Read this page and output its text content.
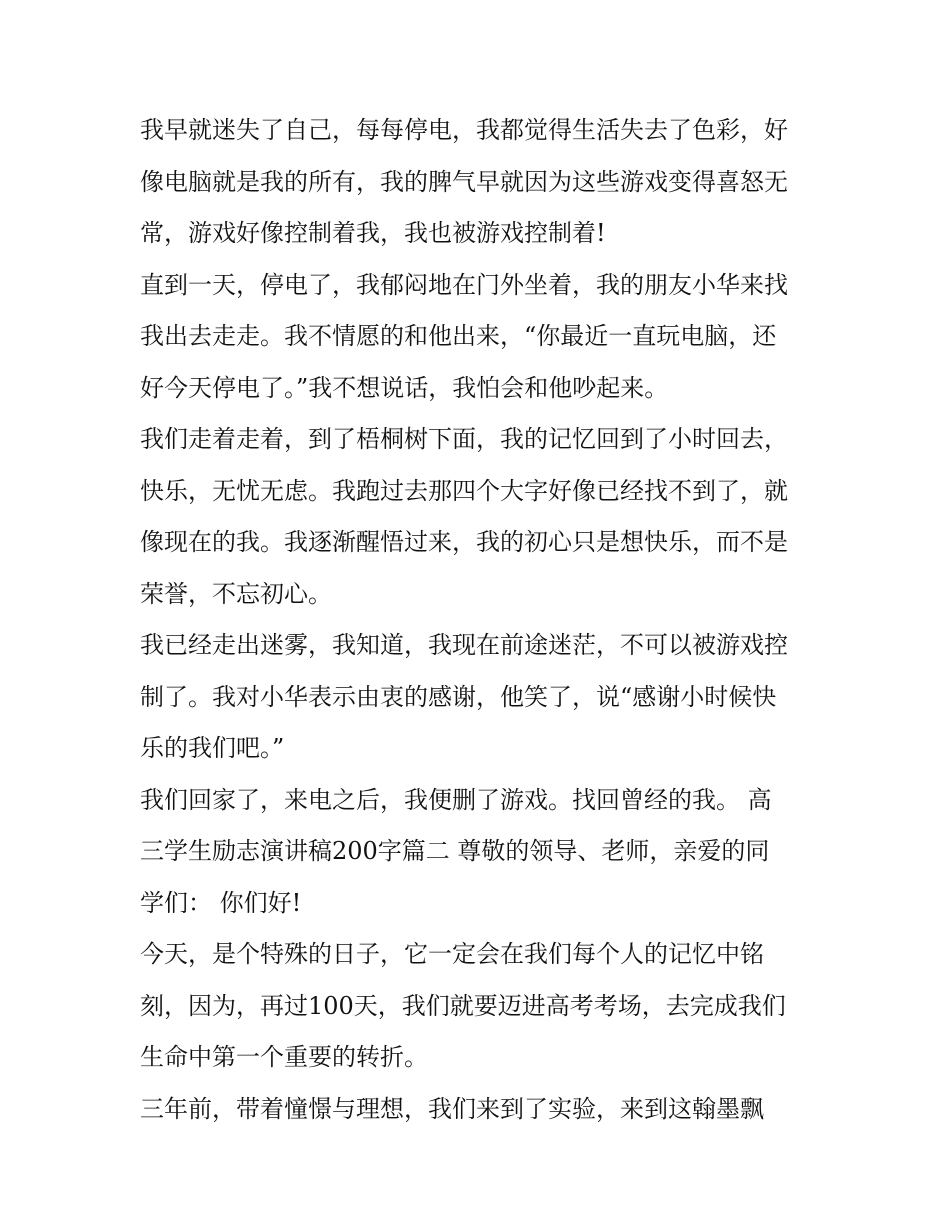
我早就迷失了自己，每每停电，我都觉得生活失去了色彩，好
像电脑就是我的所有，我的脾气早就因为这些游戏变得喜怒无
常，游戏好像控制着我，我也被游戏控制着!
直到一天，停电了，我郁闷地在门外坐着，我的朋友小华来找
我出去走走。我不情愿的和他出来，“你最近一直玩电脑，还
好今天停电了。”我不想说话，我怕会和他吵起来。
我们走着走着，到了梧桐树下面，我的记忆回到了小时回去，
快乐，无忧无虑。我跑过去那四个大字好像已经找不到了，就
像现在的我。我逐渐醒悟过来，我的初心只是想快乐，而不是
荣誉，不忘初心。
我已经走出迷雾，我知道，我现在前途迷茫，不可以被游戏控
制了。我对小华表示由衷的感谢，他笑了，说“感谢小时候快
乐的我们吧。”
我们回家了，来电之后，我便删了游戏。找回曾经的我。 高
三学生励志演讲稿200字篇二 尊敬的领导、老师，亲爱的同
学们： 你们好!
今天，是个特殊的日子，它一定会在我们每个人的记忆中铭
刻，因为，再过100天，我们就要迈进高考考场，去完成我们
生命中第一个重要的转折。
三年前，带着憧憬与理想，我们来到了实验，来到这翰墨飘
